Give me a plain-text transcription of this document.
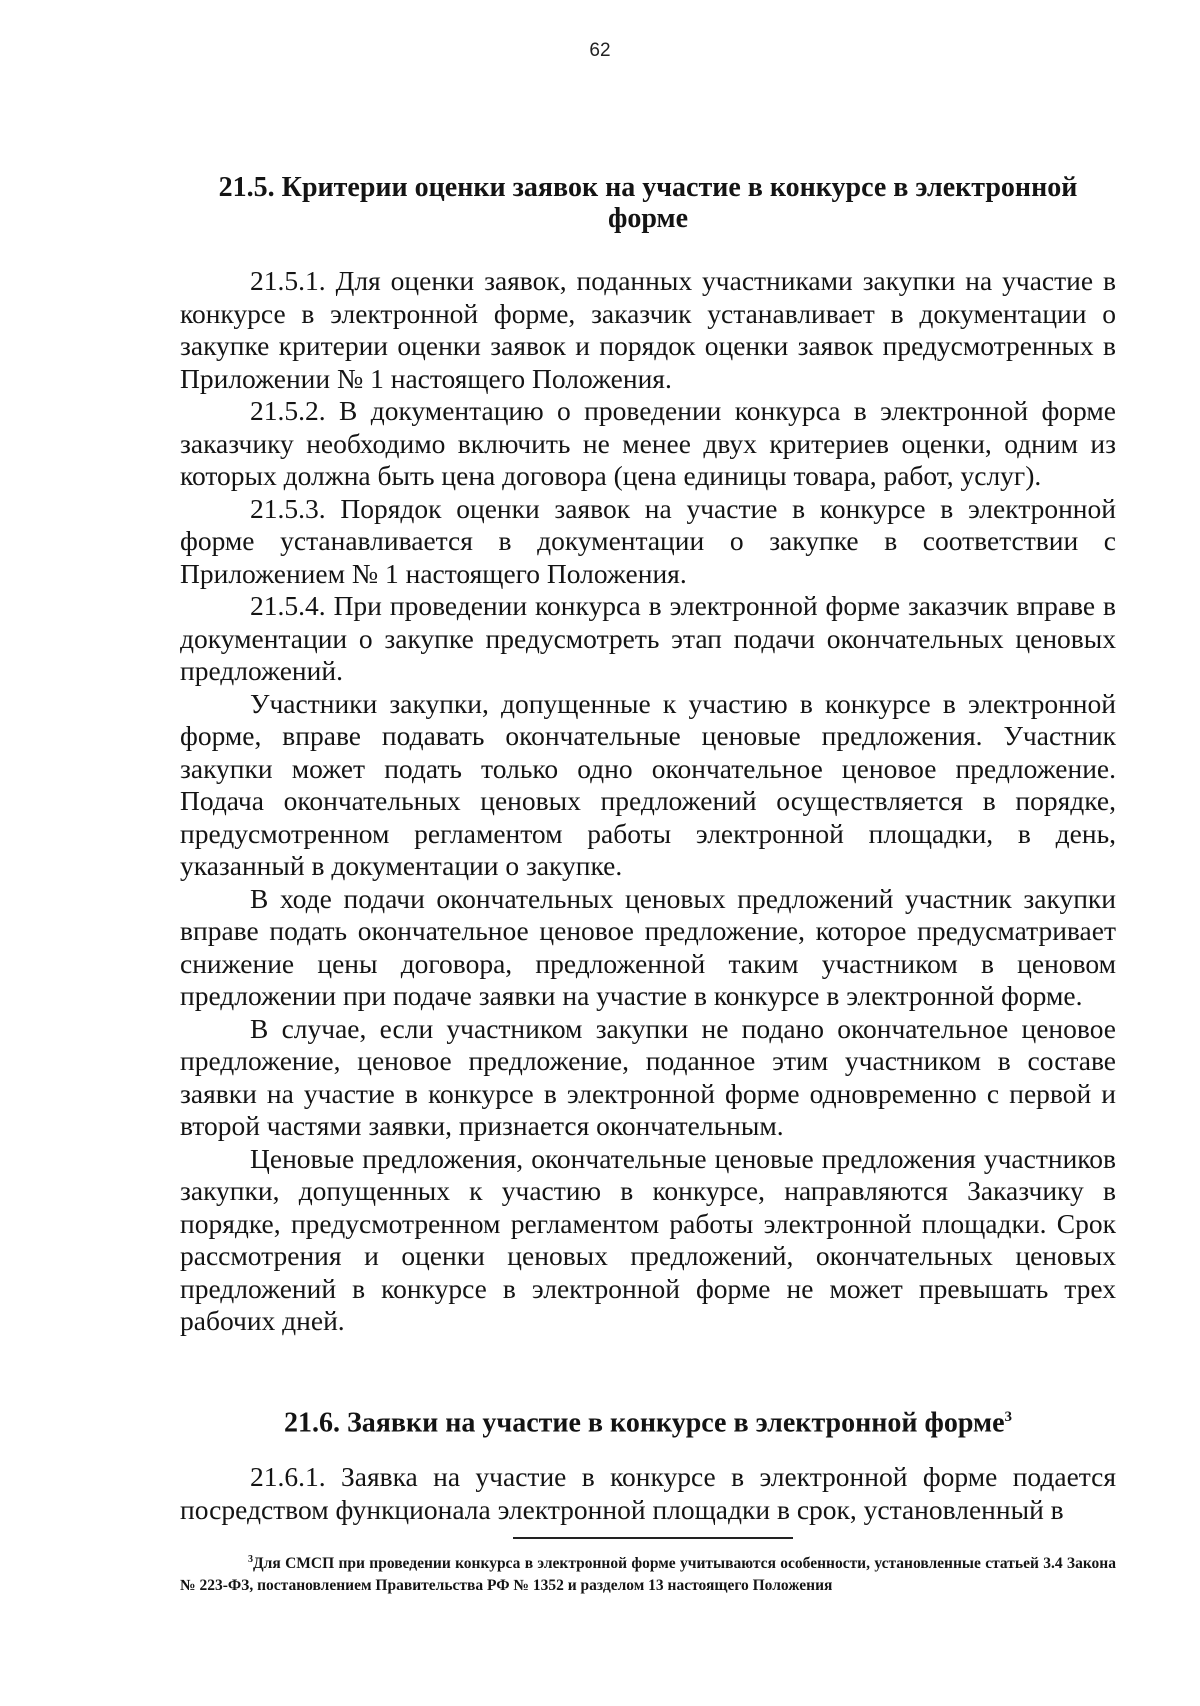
62
21.5. Критерии оценки заявок на участие в конкурсе в электронной форме

21.5.1. Для оценки заявок, поданных участниками закупки на участие в конкурсе в электронной форме, заказчик устанавливает в документации о закупке критерии оценки заявок и порядок оценки заявок предусмотренных в Приложении № 1 настоящего Положения.

21.5.2. В документацию о проведении конкурса в электронной форме заказчику необходимо включить не менее двух критериев оценки, одним из которых должна быть цена договора (цена единицы товара, работ, услуг).

21.5.3. Порядок оценки заявок на участие в конкурсе в электронной форме устанавливается в документации о закупке в соответствии с Приложением № 1 настоящего Положения.

21.5.4. При проведении конкурса в электронной форме заказчик вправе в документации о закупке предусмотреть этап подачи окончательных ценовых предложений.

Участники закупки, допущенные к участию в конкурсе в электронной форме, вправе подавать окончательные ценовые предложения. Участник закупки может подать только одно окончательное ценовое предложение. Подача окончательных ценовых предложений осуществляется в порядке, предусмотренном регламентом работы электронной площадки, в день, указанный в документации о закупке.

В ходе подачи окончательных ценовых предложений участник закупки вправе подать окончательное ценовое предложение, которое предусматривает снижение цены договора, предложенной таким участником в ценовом предложении при подаче заявки на участие в конкурсе в электронной форме.

В случае, если участником закупки не подано окончательное ценовое предложение, ценовое предложение, поданное этим участником в составе заявки на участие в конкурсе в электронной форме одновременно с первой и второй частями заявки, признается окончательным.

Ценовые предложения, окончательные ценовые предложения участников закупки, допущенных к участию в конкурсе, направляются Заказчику в порядке, предусмотренном регламентом работы электронной площадки. Срок рассмотрения и оценки ценовых предложений, окончательных ценовых предложений в конкурсе в электронной форме не может превышать трех рабочих дней.

21.6. Заявки на участие в конкурсе в электронной форме$^3$

21.6.1. Заявка на участие в конкурсе в электронной форме подается посредством функционала электронной площадки в срок, установленный в

$^3$Для СМСП при проведении конкурса в электронной форме учитываются особенности, установленные статьей 3.4 Закона № 223-ФЗ, постановлением Правительства РФ № 1352 и разделом 13 настоящего Положения
